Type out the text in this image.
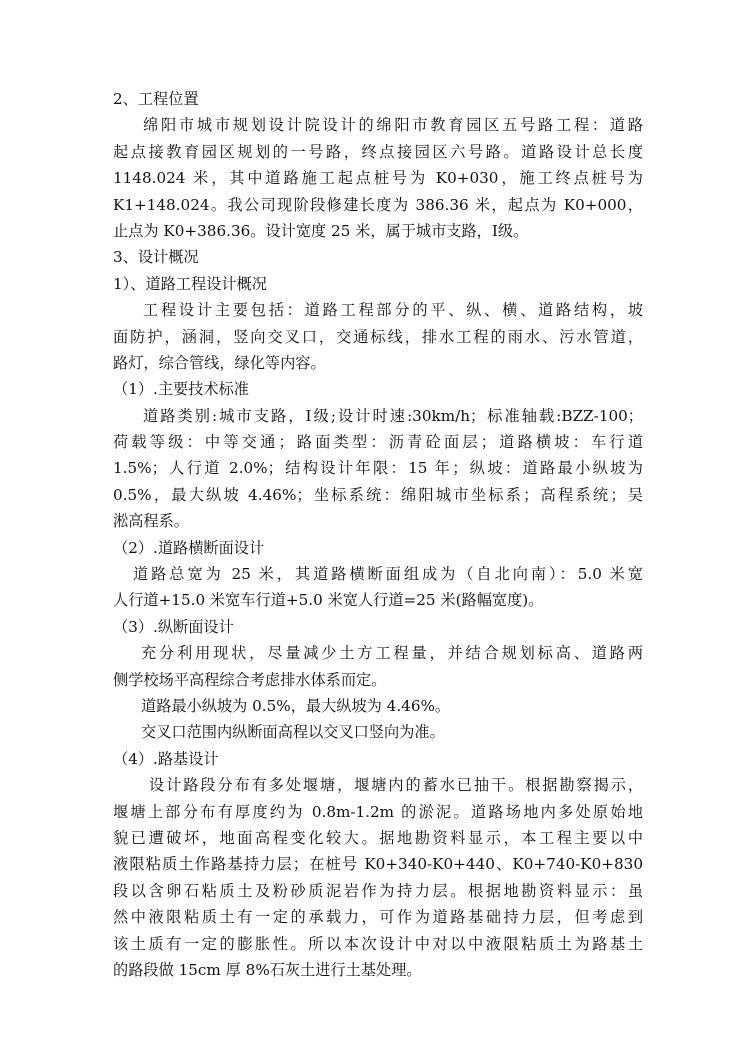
2、工程位置
绵阳市城市规划设计院设计的绵阳市教育园区五号路工程：道路
起点接教育园区规划的一号路，终点接园区六号路。道路设计总长度
1148.024 米，其中道路施工起点桩号为 K0+030，施工终点桩号为
K1+148.024。我公司现阶段修建长度为 386.36 米，起点为 K0+000，
止点为 K0+386.36。设计宽度 25 米，属于城市支路，Ⅰ级。
3、设计概况
1）、道路工程设计概况
工程设计主要包括：道路工程部分的平、纵、横、道路结构，坡
面防护，涵洞，竖向交叉口，交通标线，排水工程的雨水、污水管道，
路灯，综合管线，绿化等内容。
（1）.主要技术标准
道路类别:城市支路，Ⅰ级;设计时速:30km/h；标准轴载:BZZ-100；
荷载等级：中等交通；路面类型：沥青砼面层；道路横坡：车行道
1.5%；人行道 2.0%；结构设计年限：15 年；纵坡：道路最小纵坡为
0.5%，最大纵坡 4.46%；坐标系统：绵阳城市坐标系；高程系统；吴
淞高程系。
（2）.道路横断面设计
道路总宽为 25 米，其道路横断面组成为（自北向南）：5.0 米宽
人行道+15.0 米宽车行道+5.0 米宽人行道=25 米(路幅宽度)。
（3）.纵断面设计
充分利用现状，尽量减少土方工程量，并结合规划标高、道路两
侧学校场平高程综合考虑排水体系而定。
道路最小纵坡为 0.5%，最大纵坡为 4.46%。
交叉口范围内纵断面高程以交叉口竖向为准。
（4）.路基设计
设计路段分布有多处堰塘，堰塘内的蓄水已抽干。根据勘察揭示，
堰塘上部分布有厚度约为 0.8m-1.2m 的淤泥。道路场地内多处原始地
貌已遭破坏，地面高程变化较大。据地勘资料显示，本工程主要以中
液限粘质土作路基持力层；在桩号 K0+340-K0+440、K0+740-K0+830
段以含卵石粘质土及粉砂质泥岩作为持力层。根据地勘资料显示：虽
然中液限粘质土有一定的承载力，可作为道路基础持力层，但考虑到
该土质有一定的膨胀性。所以本次设计中对以中液限粘质土为路基土
的路段做 15cm 厚 8%石灰土进行土基处理。
